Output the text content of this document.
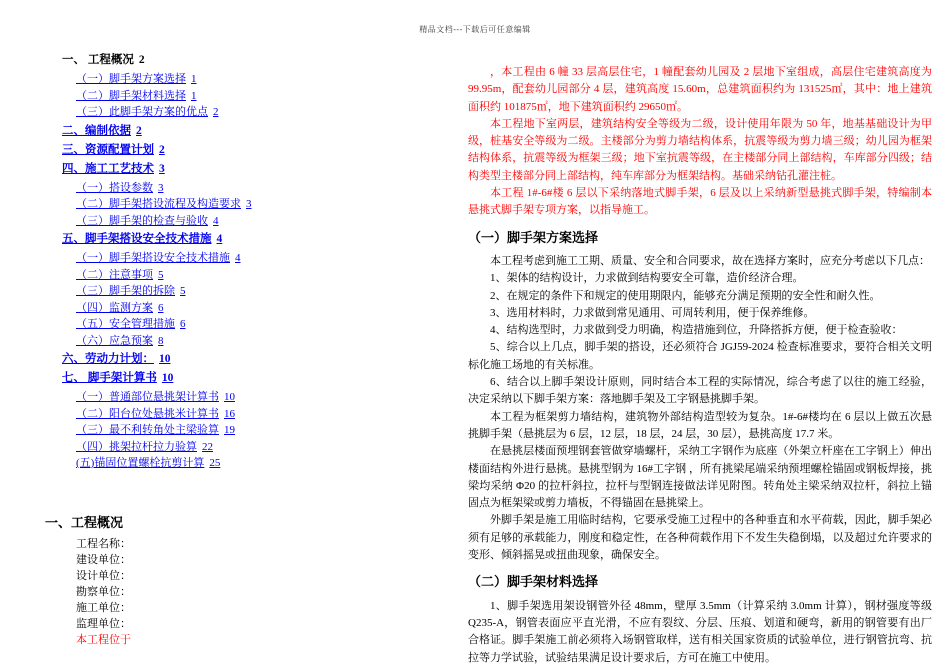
精品文档---下载后可任意编辑
一、 工程概况 2
（一）脚手架方案选择 1
（二）脚手架材料选择 1
（三）此脚手架方案的优点 2
二、编制依据 2
三、资源配置计划 2
四、施工工艺技术 3
（一）搭设参数 3
（二）脚手架搭设流程及构造要求 3
（三）脚手架的检查与验收 4
五、脚手架搭设安全技术措施 4
（一）脚手架搭设安全技术措施 4
（二）注意事项 5
（三）脚手架的拆除 5
（四）监测方案 6
（五）安全管理措施 6
（六）应急预案 8
六、劳动力计划： 10
七、 脚手架计算书 10
（一）普通部位悬挑架计算书 10
（二）阳台位处悬挑米计算书 16
（三）最不利转角处主梁验算 19
（四）挑架拉杆拉力验算 22
(五)锚固位置螺栓抗剪计算 25
一、工程概况
工程名称：
建设单位：
设计单位：
勘察单位：
施工单位：
监理单位：
本工程位于

，本工程由 6 幢 33 层高层住宅，1 幢配套幼儿园及 2 层地下室组成，高层住宅建筑高度为 99.95m，配套幼儿园部分 4 层，建筑高度 15.60m，总建筑面积约为 131525㎡，其中：地上建筑面积约 101875㎡，地下建筑面积约 29650㎡。

本工程地下室两层，建筑结构安全等级为二级，设计使用年限为 50 年，地基基础设计为甲级，桩基安全等级为二级。主楼部分为剪力墙结构体系，抗震等级为剪力墙三级；幼儿园为框架结构体系，抗震等级为框架三级；地下室抗震等级，在主楼部分同上部结构，车库部分四级；结构类型主楼部分同上部结构，纯车库部分为框架结构。基础采纳钻孔灌注桩。

本工程 1#-6#楼 6 层以下采纳落地式脚手架，6 层及以上采纳新型悬挑式脚手架，特编制本悬挑式脚手架专项方案，以指导施工。

（一）脚手架方案选择

本工程考虑到施工工期、质量、安全和合同要求，故在选择方案时，应充分考虑以下几点：

1、架体的结构设计，力求做到结构要安全可靠，造价经济合理。

2、在规定的条件下和规定的使用期限内，能够充分满足预期的安全性和耐久性。

3、选用材料时，力求做到常见通用、可周转利用，便于保养维修。

4、结构选型时，力求做到受力明确，构造措施到位，升降搭拆方便，便于检查验收：

5、综合以上几点，脚手架的搭设，还必须符合 JGJ59-2024 检查标准要求，要符合相关文明标化施工场地的有关标准。

6、结合以上脚手架设计原则，同时结合本工程的实际情况，综合考虑了以往的施工经验，决定采纳以下脚手架方案：落地脚手架及工字钢悬挑脚手架。

本工程为框架剪力墙结构，建筑物外部结构造型较为复杂。1#-6#楼均在 6 层以上做五次悬挑脚手架（悬挑层为 6 层，12 层，18 层，24 层，30 层），悬挑高度 17.7 米。

在悬挑层楼面预埋钢套管做穿墙螺杆，采纳工字钢作为底座（外架立杆座在工字钢上）伸出楼面结构外进行悬挑。悬挑型钢为 16#工字钢 ，所有挑梁尾端采纳预埋螺栓锚固或钢板焊接，挑梁均采纳 Φ20 的拉杆斜拉，拉杆与型钢连接做法详见附图。转角处主梁采纳双拉杆，斜拉上锚固点为框架梁或剪力墙板，不得锚固在悬挑梁上。

外脚手架是施工用临时结构，它要承受施工过程中的各种垂直和水平荷载，因此，脚手架必须有足够的承载能力，刚度和稳定性，在各种荷载作用下不发生失稳倒塌，以及超过允许要求的变形、倾斜摇晃或扭曲现象，确保安全。

（二）脚手架材料选择

1、脚手架选用架设钢管外径 48mm，壁厚 3.5mm（计算采纳 3.0mm 计算），钢材强度等级 Q235-A，钢管表面应平直光滑，不应有裂纹、分层、压痕、划道和硬弯，新用的钢管要有出厂合格证。脚手架施工前必须将入场钢管取样，送有相关国家资质的试验单位，进行钢管抗弯、抗拉等力学试验，试验结果满足设计要求后，方可在施工中使用。
